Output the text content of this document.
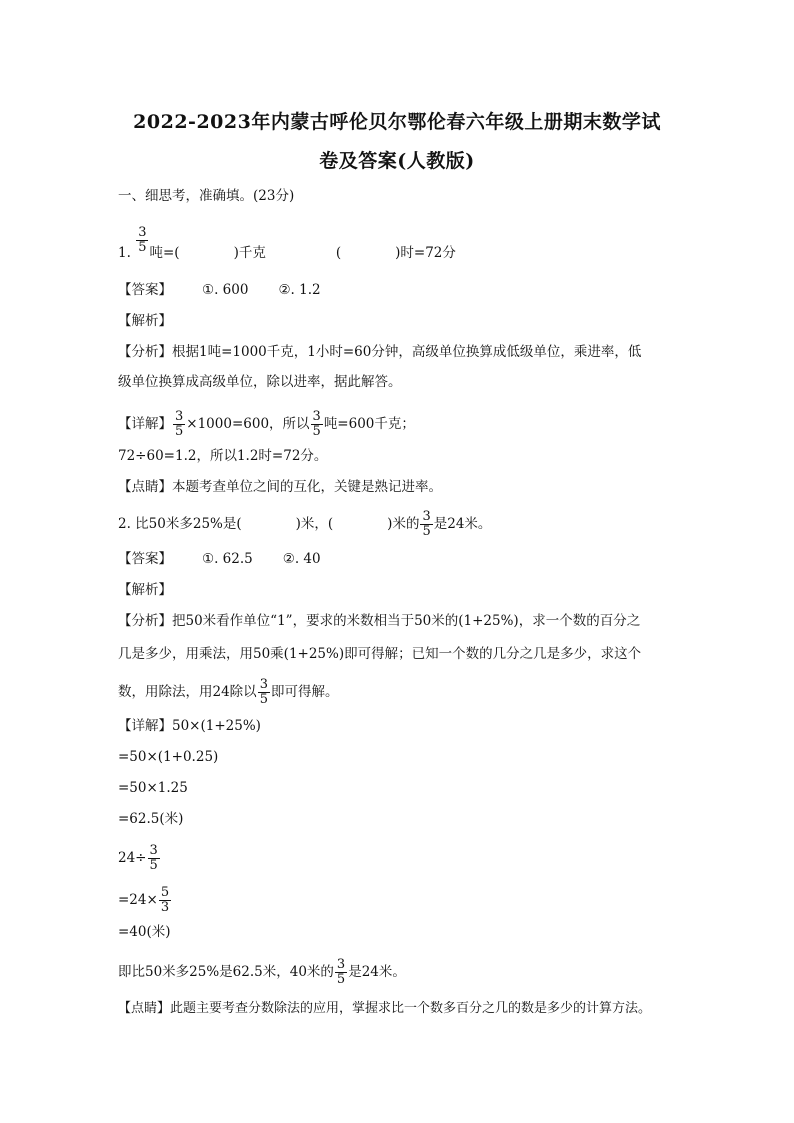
2022-2023年内蒙古呼伦贝尔鄂伦春六年级上册期末数学试
卷及答案(人教版)
一、细思考，准确填。(23分)
1. $\frac{3}{5}$ 吨=(	)千克	(	)时=72分
【答案】 ①. 600 ②. 1.2
【解析】
【分析】根据1吨=1000千克，1小时=60分钟，高级单位换算成低级单位，乘进率，低
级单位换算成高级单位，除以进率，据此解答。
【详解】 $\frac{3}{5} \times 1000=600$，所以 $\frac{3}{5}$ 吨=600千克；
72÷60=1.2，所以1.2时=72分。
【点睛】本题考查单位之间的互化，关键是熟记进率。
2. 比50米多25%是(	)米，(	)米的 $\frac{3}{5}$ 是24米。
【答案】 ①. 62.5 ②. 40
【解析】
【分析】把50米看作单位“1”，要求的米数相当于50米的(1+25%)，求一个数的百分之
几是多少，用乘法，用50乘(1+25%)即可得解；已知一个数的几分之几是多少，求这个
数，用除法，用24除以 $\frac{3}{5}$ 即可得解。
【详解】50×(1+25%)
=50×(1+0.25)
=50×1.25
=62.5(米)
$24\div \frac{3}{5}$
$=24\times \frac{5}{3}$
=40(米)
即比50米多25%是62.5米，40米的 $\frac{3}{5}$ 是24米。
【点睛】此题主要考查分数除法的应用，掌握求比一个数多百分之几的数是多少的计算方法。
